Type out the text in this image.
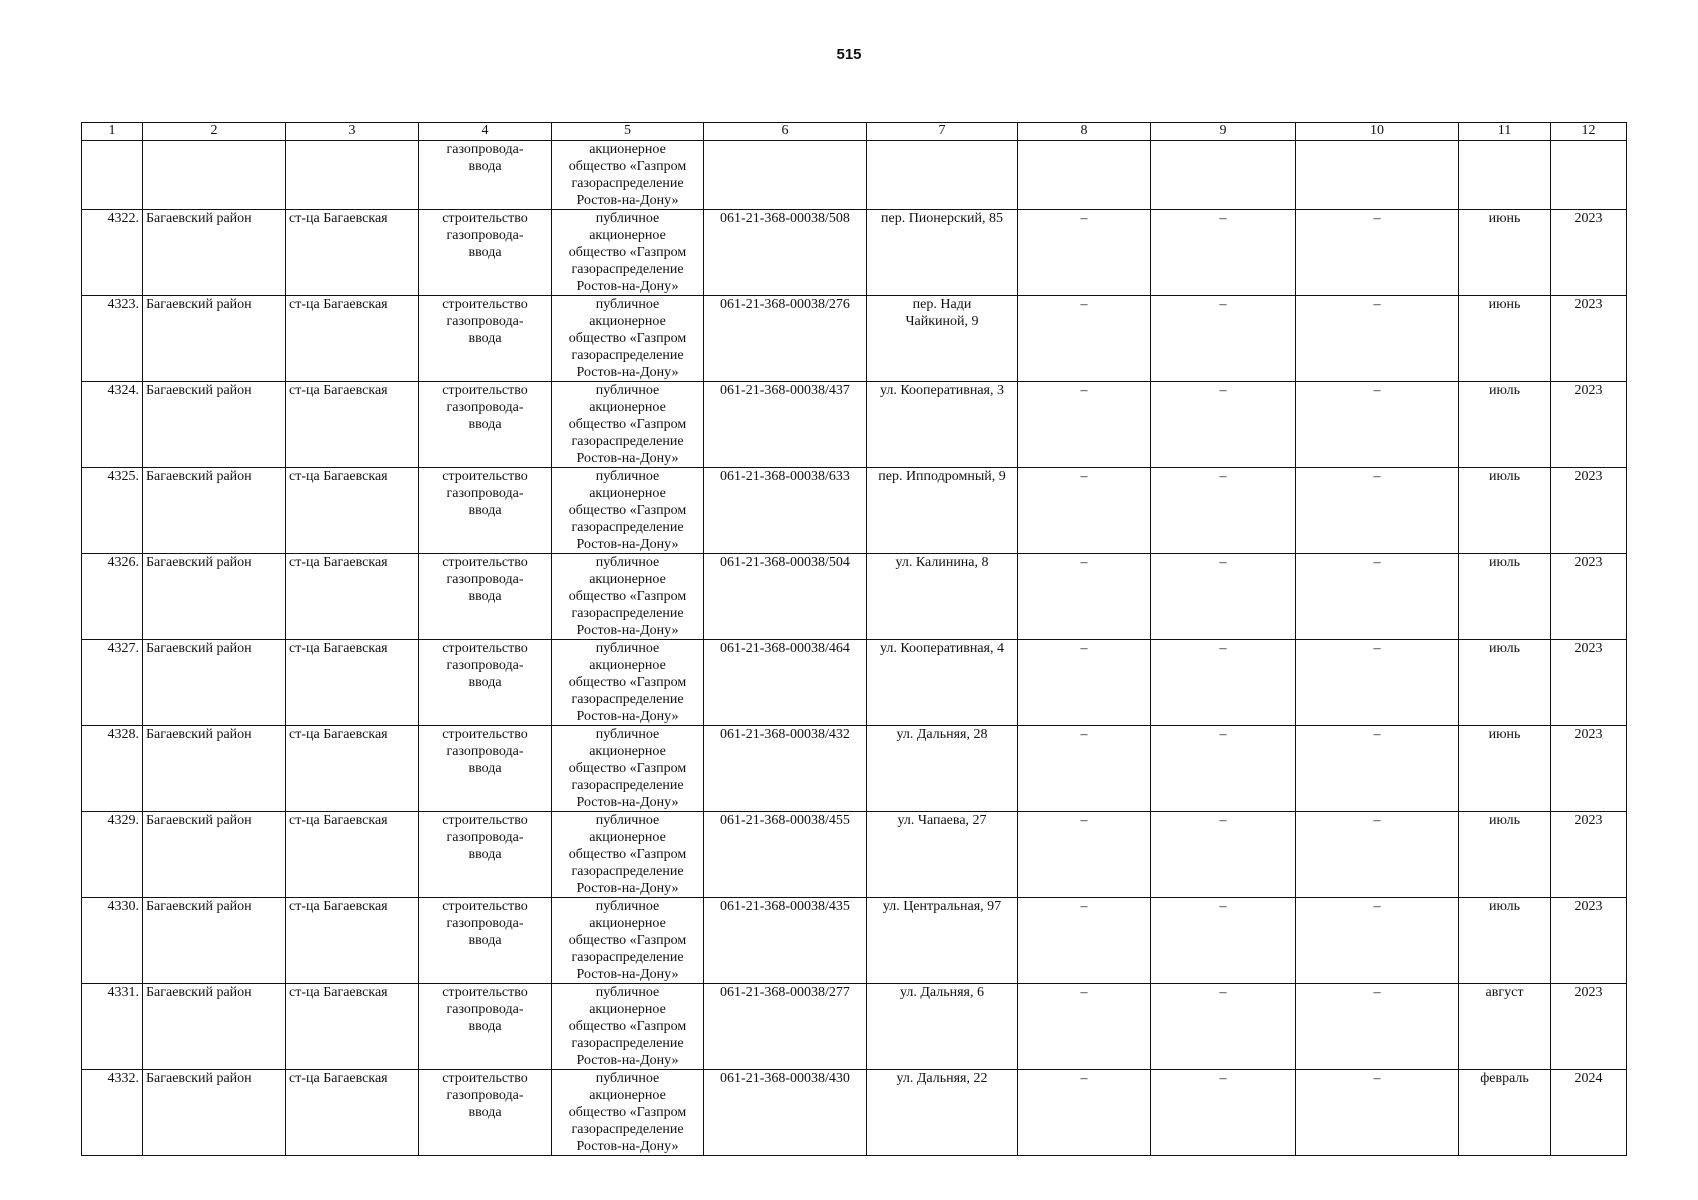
515
1	2	3	4	5	6	7	8	9	10	11	12
			газопровода-
ввода	акционерное
общество «Газпром
газораспределение
Ростов-на-Дону»							
4322.	Багаевский район	ст-ца Багаевская	строительство
газопровода-
ввода	публичное
акционерное
общество «Газпром
газораспределение
Ростов-на-Дону»	061-21-368-00038/508	пер. Пионерский, 85	–	–	–	июнь	2023
4323.	Багаевский район	ст-ца Багаевская	строительство
газопровода-
ввода	публичное
акционерное
общество «Газпром
газораспределение
Ростов-на-Дону»	061-21-368-00038/276	пер. Нади
Чайкиной, 9	–	–	–	июнь	2023
4324.	Багаевский район	ст-ца Багаевская	строительство
газопровода-
ввода	публичное
акционерное
общество «Газпром
газораспределение
Ростов-на-Дону»	061-21-368-00038/437	ул. Кооперативная, 3	–	–	–	июль	2023
4325.	Багаевский район	ст-ца Багаевская	строительство
газопровода-
ввода	публичное
акционерное
общество «Газпром
газораспределение
Ростов-на-Дону»	061-21-368-00038/633	пер. Ипподромный, 9	–	–	–	июль	2023
4326.	Багаевский район	ст-ца Багаевская	строительство
газопровода-
ввода	публичное
акционерное
общество «Газпром
газораспределение
Ростов-на-Дону»	061-21-368-00038/504	ул. Калинина, 8	–	–	–	июль	2023
4327.	Багаевский район	ст-ца Багаевская	строительство
газопровода-
ввода	публичное
акционерное
общество «Газпром
газораспределение
Ростов-на-Дону»	061-21-368-00038/464	ул. Кооперативная, 4	–	–	–	июль	2023
4328.	Багаевский район	ст-ца Багаевская	строительство
газопровода-
ввода	публичное
акционерное
общество «Газпром
газораспределение
Ростов-на-Дону»	061-21-368-00038/432	ул. Дальняя, 28	–	–	–	июнь	2023
4329.	Багаевский район	ст-ца Багаевская	строительство
газопровода-
ввода	публичное
акционерное
общество «Газпром
газораспределение
Ростов-на-Дону»	061-21-368-00038/455	ул. Чапаева, 27	–	–	–	июль	2023
4330.	Багаевский район	ст-ца Багаевская	строительство
газопровода-
ввода	публичное
акционерное
общество «Газпром
газораспределение
Ростов-на-Дону»	061-21-368-00038/435	ул. Центральная, 97	–	–	–	июль	2023
4331.	Багаевский район	ст-ца Багаевская	строительство
газопровода-
ввода	публичное
акционерное
общество «Газпром
газораспределение
Ростов-на-Дону»	061-21-368-00038/277	ул. Дальняя, 6	–	–	–	август	2023
4332.	Багаевский район	ст-ца Багаевская	строительство
газопровода-
ввода	публичное
акционерное
общество «Газпром
газораспределение
Ростов-на-Дону»	061-21-368-00038/430	ул. Дальняя, 22	–	–	–	февраль	2024
